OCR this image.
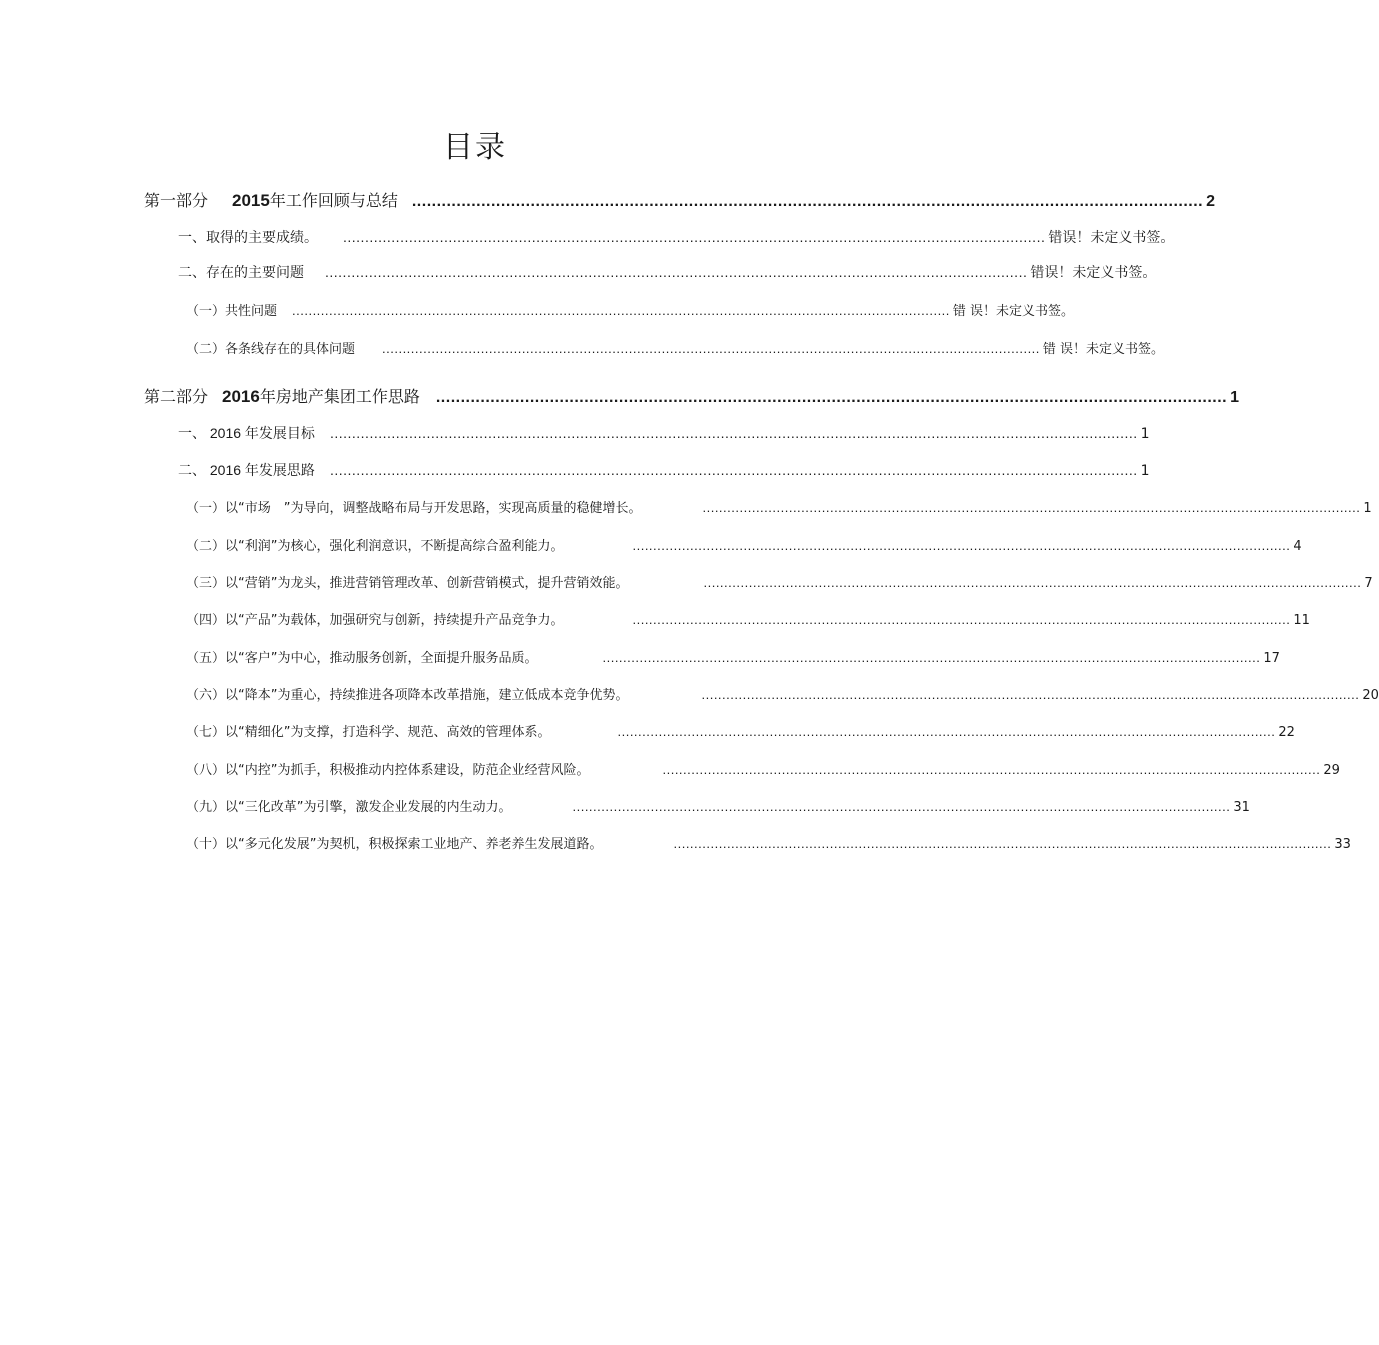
目录
第一部分 2015年工作回顾与总结 ................................................................................................................................................................ 2
一、取得的主要成绩。 ................................................................................................................................................................ 错误！未定义书签。
二、存在的主要问题 ................................................................................................................................................................ 错误！未定义书签。
（一）共性问题 ................................................................................................................................................................ 错 误！未定义书签。
（二）各条线存在的具体问题 ................................................................................................................................................................ 错 误！未定义书签。
第二部分 2016年房地产集团工作思路 ................................................................................................................................................................ 1
一、 2016 年发展目标 ........................................................................................................................................................................................ 1
二、 2016 年发展思路 ........................................................................................................................................................................................ 1
（一）以“市场　”为导向，调整战略布局与开发思路，实现高质量的稳健增长。	................................................................................................................................................................ 1
（二）以“利润”为核心，强化利润意识，不断提高综合盈利能力。	................................................................................................................................................................ 4
（三）以“营销”为龙头，推进营销管理改革、创新营销模式，提升营销效能。	................................................................................................................................................................ 7
（四）以“产品”为载体，加强研究与创新，持续提升产品竞争力。	................................................................................................................................................................ 11
（五）以“客户”为中心，推动服务创新，全面提升服务品质。	................................................................................................................................................................ 17
（六）以“降本”为重心，持续推进各项降本改革措施，建立低成本竞争优势。	................................................................................................................................................................ 20
（七）以“精细化”为支撑，打造科学、规范、高效的管理体系。	................................................................................................................................................................ 22
（八）以“内控”为抓手，积极推动内控体系建设，防范企业经营风险。	................................................................................................................................................................ 29
（九）以“三化改革”为引擎，激发企业发展的内生动力。	................................................................................................................................................................ 31
（十）以“多元化发展”为契机，积极探索工业地产、养老养生发展道路。	................................................................................................................................................................ 33
